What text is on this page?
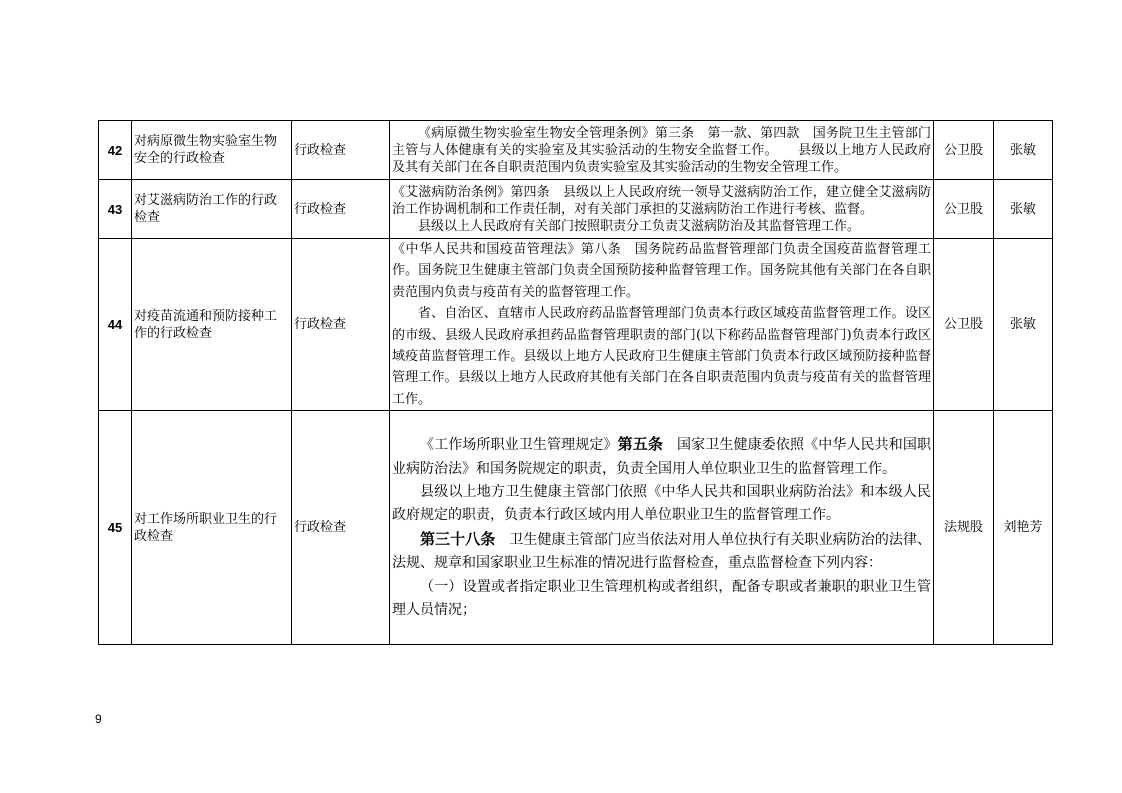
42	对病原微生物实验室生物安全的行政检查	行政检查	《病原微生物实验室生物安全管理条例》第三条　第一款、第四款　国务院卫生主管部门主管与人体健康有关的实验室及其实验活动的生物安全监督工作。　　县级以上地方人民政府及其有关部门在各自职责范围内负责实验室及其实验活动的生物安全管理工作。	公卫股	张敏
43	对艾滋病防治工作的行政检查	行政检查	《艾滋病防治条例》第四条　县级以上人民政府统一领导艾滋病防治工作，建立健全艾滋病防治工作协调机制和工作责任制，对有关部门承担的艾滋病防治工作进行考核、监督。

县级以上人民政府有关部门按照职责分工负责艾滋病防治及其监督管理工作。	公卫股	张敏
44	对疫苗流通和预防接种工作的行政检查	行政检查	《中华人民共和国疫苗管理法》第八条　国务院药品监督管理部门负责全国疫苗监督管理工作。国务院卫生健康主管部门负责全国预防接种监督管理工作。国务院其他有关部门在各自职责范围内负责与疫苗有关的监督管理工作。

省、自治区、直辖市人民政府药品监督管理部门负责本行政区域疫苗监督管理工作。设区的市级、县级人民政府承担药品监督管理职责的部门(以下称药品监督管理部门)负责本行政区域疫苗监督管理工作。县级以上地方人民政府卫生健康主管部门负责本行政区域预防接种监督管理工作。县级以上地方人民政府其他有关部门在各自职责范围内负责与疫苗有关的监督管理工作。	公卫股	张敏
45	对工作场所职业卫生的行政检查	行政检查	《工作场所职业卫生管理规定》第五条　国家卫生健康委依照《中华人民共和国职业病防治法》和国务院规定的职责，负责全国用人单位职业卫生的监督管理工作。

县级以上地方卫生健康主管部门依照《中华人民共和国职业病防治法》和本级人民政府规定的职责，负责本行政区域内用人单位职业卫生的监督管理工作。

第三十八条　卫生健康主管部门应当依法对用人单位执行有关职业病防治的法律、法规、规章和国家职业卫生标准的情况进行监督检查，重点监督检查下列内容：

（一）设置或者指定职业卫生管理机构或者组织，配备专职或者兼职的职业卫生管理人员情况；	法规股	刘艳芳
9
